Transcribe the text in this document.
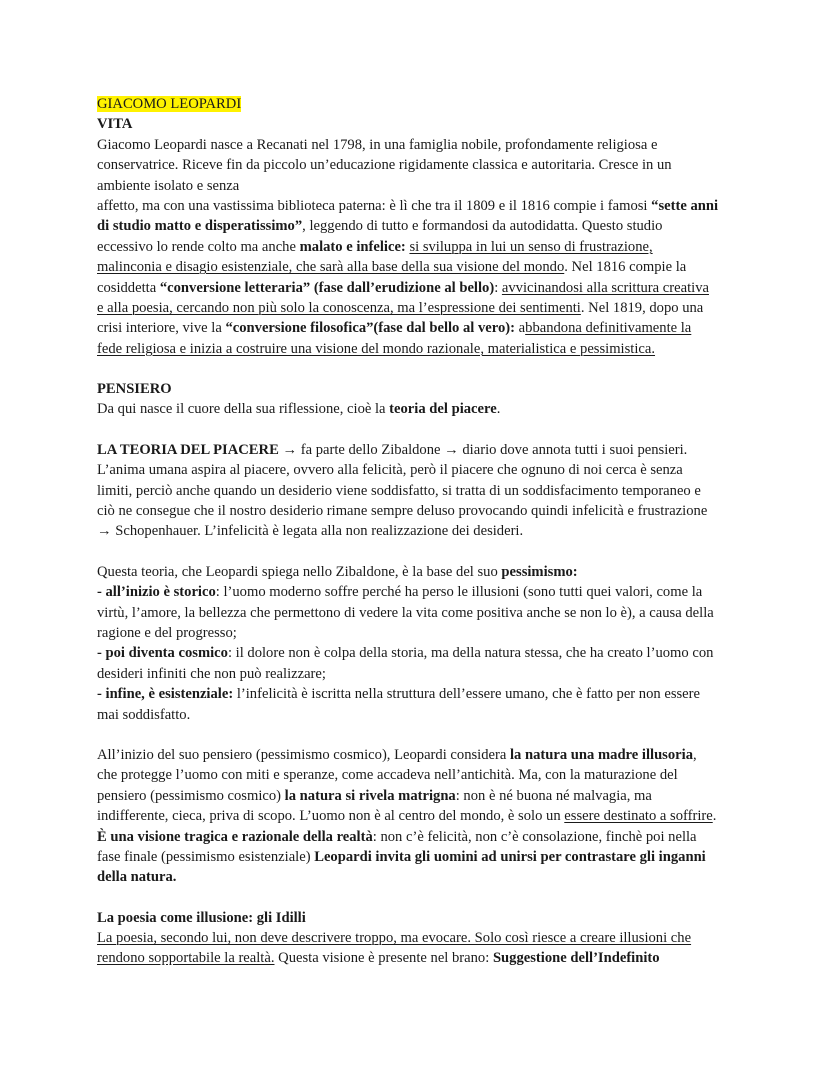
GIACOMO LEOPARDI
VITA
Giacomo Leopardi nasce a Recanati nel 1798, in una famiglia nobile, profondamente religiosa e
conservatrice. Riceve fin da piccolo un’educazione rigidamente classica e autoritaria. Cresce in un
ambiente isolato e senza
affetto, ma con una vastissima biblioteca paterna: è lì che tra il 1809 e il 1816 compie i famosi “sette anni
di studio matto e disperatissimo”, leggendo di tutto e formandosi da autodidatta. Questo studio
eccessivo lo rende colto ma anche malato e infelice: si sviluppa in lui un senso di frustrazione,
malinconia e disagio esistenziale, che sarà alla base della sua visione del mondo. Nel 1816 compie la
cosiddetta “conversione letteraria” (fase dall’erudizione al bello): avvicinandosi alla scrittura creativa
e alla poesia, cercando non più solo la conoscenza, ma l’espressione dei sentimenti. Nel 1819, dopo una
crisi interiore, vive la “conversione filosofica”(fase dal bello al vero): abbandona definitivamente la
fede religiosa e inizia a costruire una visione del mondo razionale, materialistica e pessimistica.
PENSIERO
Da qui nasce il cuore della sua riflessione, cioè la teoria del piacere.
LA TEORIA DEL PIACERE → fa parte dello Zibaldone → diario dove annota tutti i suoi pensieri.
L’anima umana aspira al piacere, ovvero alla felicità, però il piacere che ognuno di noi cerca è senza
limiti, perciò anche quando un desiderio viene soddisfatto, si tratta di un soddisfacimento temporaneo e
ciò ne consegue che il nostro desiderio rimane sempre deluso provocando quindi infelicità e frustrazione
→ Schopenhauer. L’infelicità è legata alla non realizzazione dei desideri.
Questa teoria, che Leopardi spiega nello Zibaldone, è la base del suo pessimismo:
- all’inizio è storico: l’uomo moderno soffre perché ha perso le illusioni (sono tutti quei valori, come la
virtù, l’amore, la bellezza che permettono di vedere la vita come positiva anche se non lo è), a causa della
ragione e del progresso;
- poi diventa cosmico: il dolore non è colpa della storia, ma della natura stessa, che ha creato l’uomo con
desideri infiniti che non può realizzare;
- infine, è esistenziale: l’infelicità è iscritta nella struttura dell’essere umano, che è fatto per non essere
mai soddisfatto.
All’inizio del suo pensiero (pessimismo cosmico), Leopardi considera la natura una madre illusoria,
che protegge l’uomo con miti e speranze, come accadeva nell’antichità. Ma, con la maturazione del
pensiero (pessimismo cosmico) la natura si rivela matrigna: non è né buona né malvagia, ma
indifferente, cieca, priva di scopo. L’uomo non è al centro del mondo, è solo un essere destinato a soffrire.
È una visione tragica e razionale della realtà: non c’è felicità, non c’è consolazione, finchè poi nella
fase finale (pessimismo esistenziale) Leopardi invita gli uomini ad unirsi per contrastare gli inganni
della natura.
La poesia come illusione: gli Idilli
La poesia, secondo lui, non deve descrivere troppo, ma evocare. Solo così riesce a creare illusioni che
rendono sopportabile la realtà. Questa visione è presente nel brano: Suggestione dell’Indefinito
